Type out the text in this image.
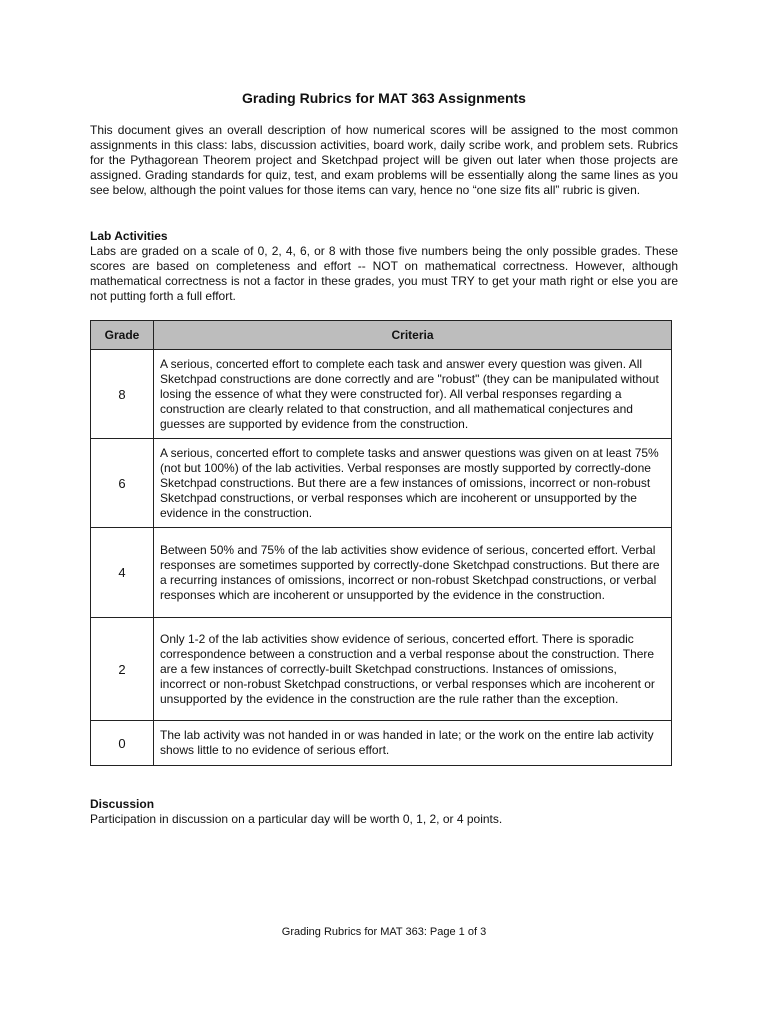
Grading Rubrics for MAT 363 Assignments

This document gives an overall description of how numerical scores will be assigned to the most common assignments in this class: labs, discussion activities, board work, daily scribe work, and problem sets. Rubrics for the Pythagorean Theorem project and Sketchpad project will be given out later when those projects are assigned. Grading standards for quiz, test, and exam problems will be essentially along the same lines as you see below, although the point values for those items can vary, hence no “one size fits all” rubric is given.

Lab Activities

Labs are graded on a scale of 0, 2, 4, 6, or 8 with those five numbers being the only possible grades. These scores are based on completeness and effort -- NOT on mathematical correctness. However, although mathematical correctness is not a factor in these grades, you must TRY to get your math right or else you are not putting forth a full effort.

Grade	Criteria
8	A serious, concerted effort to complete each task and answer every question was given. All Sketchpad constructions are done correctly and are "robust" (they can be manipulated without losing the essence of what they were constructed for). All verbal responses regarding a construction are clearly related to that construction, and all mathematical conjectures and guesses are supported by evidence from the construction.
6	A serious, concerted effort to complete tasks and answer questions was given on at least 75% (not but 100%) of the lab activities. Verbal responses are mostly supported by correctly-done Sketchpad constructions. But there are a few instances of omissions, incorrect or non-robust Sketchpad constructions, or verbal responses which are incoherent or unsupported by the evidence in the construction.
4	Between 50% and 75% of the lab activities show evidence of serious, concerted effort. Verbal responses are sometimes supported by correctly-done Sketchpad constructions. But there are a recurring instances of omissions, incorrect or non-robust Sketchpad constructions, or verbal responses which are incoherent or unsupported by the evidence in the construction.
2	Only 1-2 of the lab activities show evidence of serious, concerted effort. There is sporadic correspondence between a construction and a verbal response about the construction. There are a few instances of correctly-built Sketchpad constructions. Instances of omissions, incorrect or non-robust Sketchpad constructions, or verbal responses which are incoherent or unsupported by the evidence in the construction are the rule rather than the exception.
0	The lab activity was not handed in or was handed in late; or the work on the entire lab activity shows little to no evidence of serious effort.
Discussion

Participation in discussion on a particular day will be worth 0, 1, 2, or 4 points.

Grading Rubrics for MAT 363: Page 1 of 3
